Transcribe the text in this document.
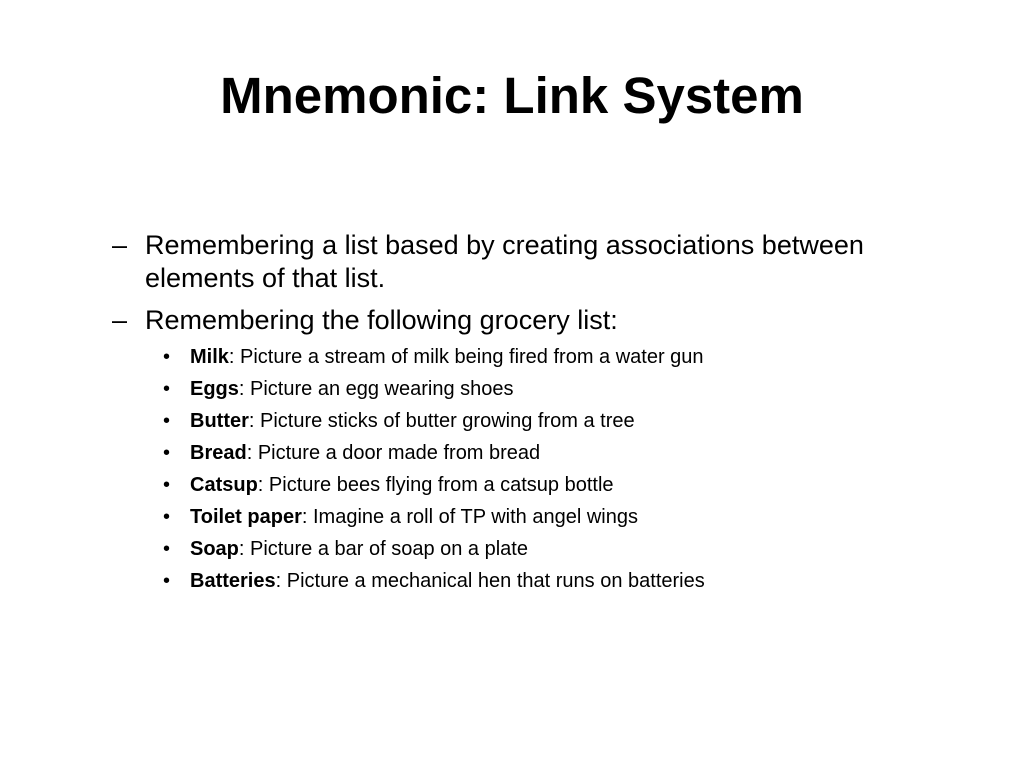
Mnemonic: Link System
– Remembering a list based by creating associations between elements of that list.
– Remembering the following grocery list:
• Milk: Picture a stream of milk being fired from a water gun
• Eggs: Picture an egg wearing shoes
• Butter: Picture sticks of butter growing from a tree
• Bread: Picture a door made from bread
• Catsup: Picture bees flying from a catsup bottle
• Toilet paper: Imagine a roll of TP with angel wings
• Soap: Picture a bar of soap on a plate
• Batteries: Picture a mechanical hen that runs on batteries
